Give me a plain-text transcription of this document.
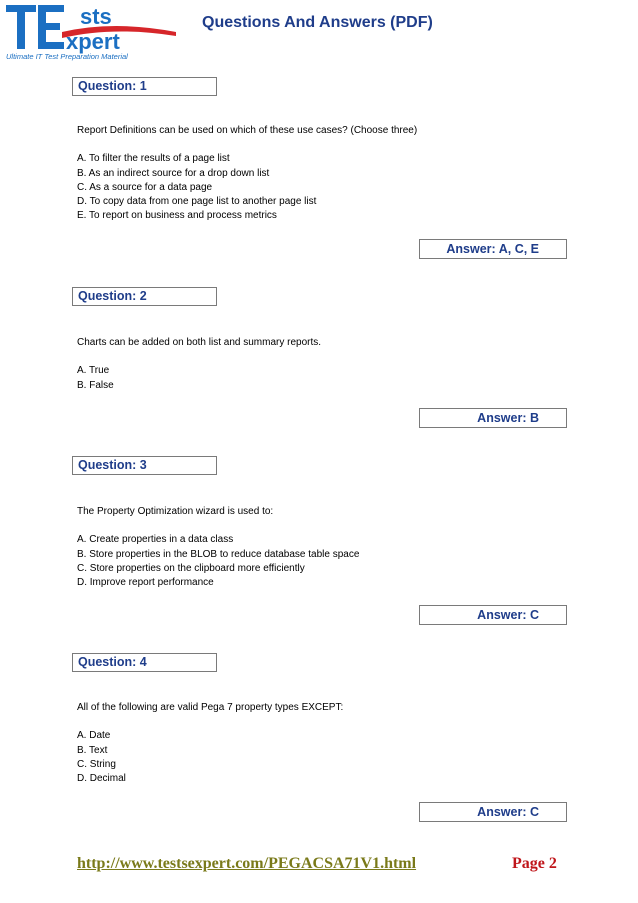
sts
xpert
Ultimate IT Test Preparation Material
Questions And Answers (PDF)
Question: 1

Report Definitions can be used on which of these use cases? (Choose three)

A. To filter the results of a page list

B. As an indirect source for a drop down list

C. As a source for a data page

D. To copy data from one page list to another page list

E. To report on business and process metrics

Answer: A, C, E
Question: 2

Charts can be added on both list and summary reports.

A. True

B. False

Answer: B
Question: 3

The Property Optimization wizard is used to:

A. Create properties in a data class

B. Store properties in the BLOB to reduce database table space

C. Store properties on the clipboard more efficiently

D. Improve report performance

Answer: C
Question: 4

All of the following are valid Pega 7 property types EXCEPT:

A. Date

B. Text

C. String

D. Decimal

Answer: C
http://www.testsexpert.com/PEGACSA71V1.html	Page 2
